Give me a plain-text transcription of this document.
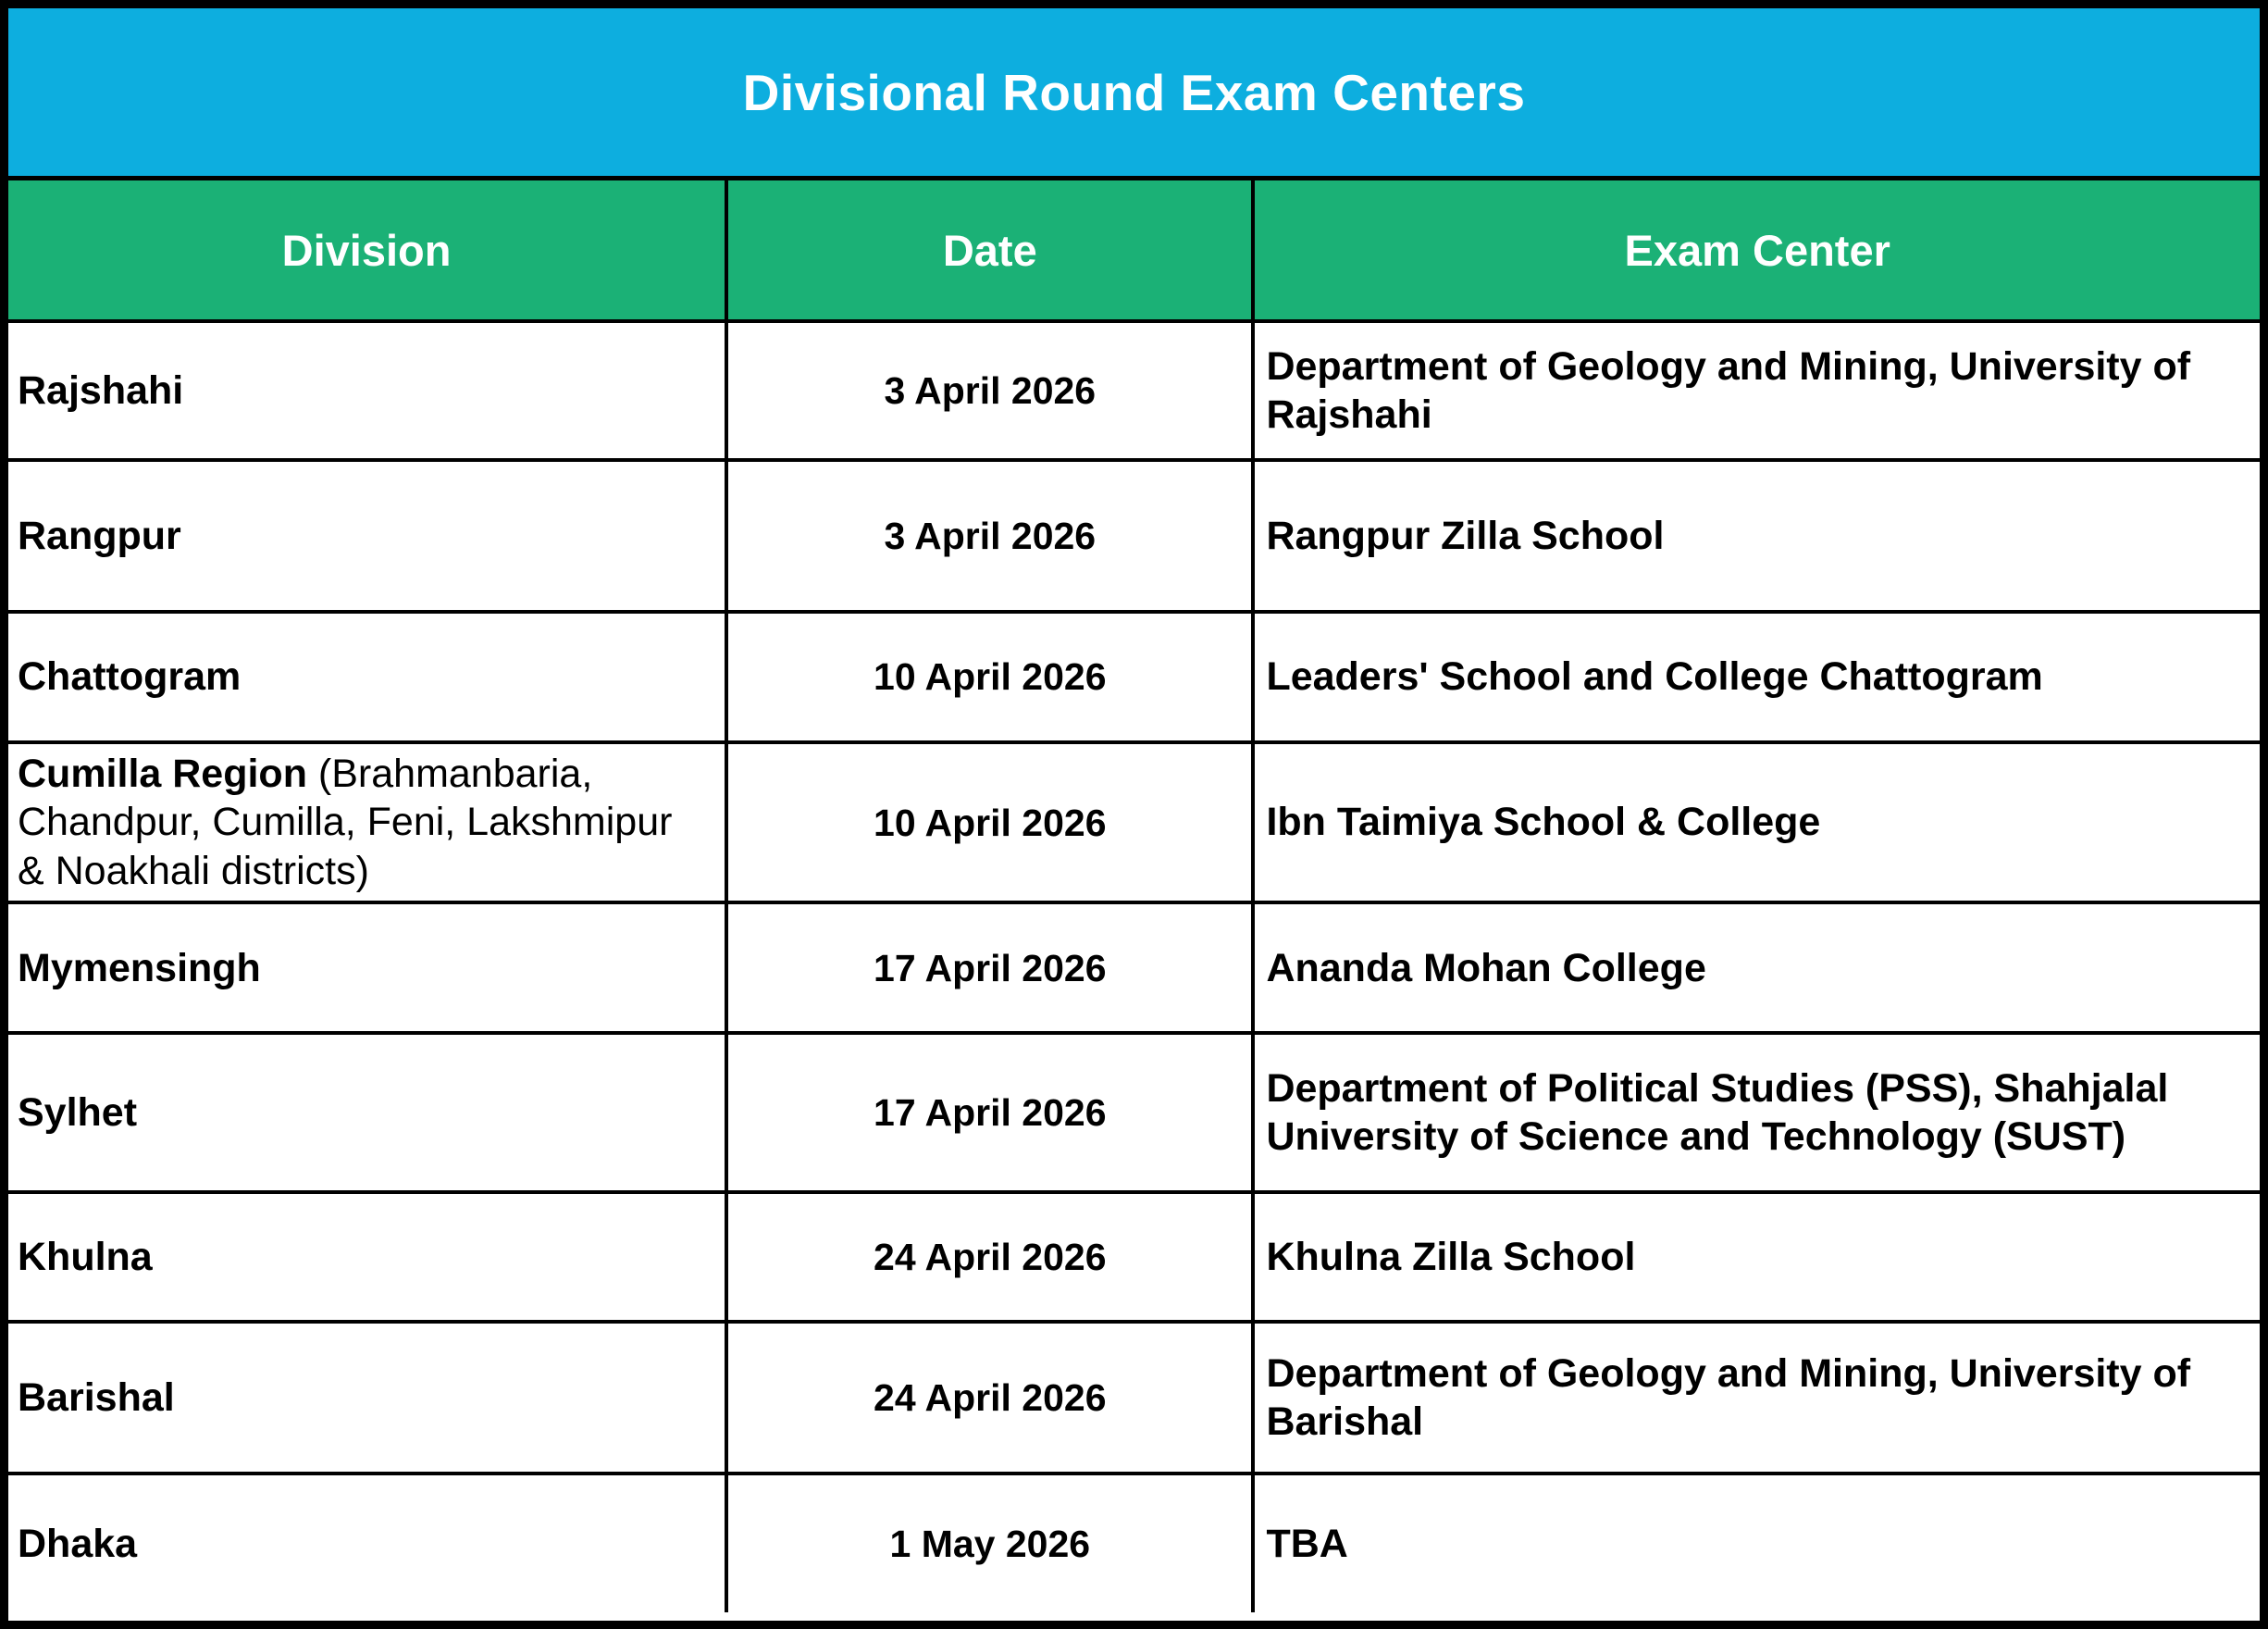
Divisional Round Exam Centers
Division	Date	Exam Center
Rajshahi	3 April 2026	Department of Geology and Mining, University of Rajshahi
Rangpur	3 April 2026	Rangpur Zilla School
Chattogram	10 April 2026	Leaders' School and College Chattogram
Cumilla Region (Brahmanbaria, Chandpur, Cumilla, Feni, Lakshmipur & Noakhali districts)	10 April 2026	Ibn Taimiya School & College
Mymensingh	17 April 2026	Ananda Mohan College
Sylhet	17 April 2026	Department of Political Studies (PSS), Shahjalal University of Science and Technology (SUST)
Khulna	24 April 2026	Khulna Zilla School
Barishal	24 April 2026	Department of Geology and Mining, University of Barishal
Dhaka	1 May 2026	TBA
